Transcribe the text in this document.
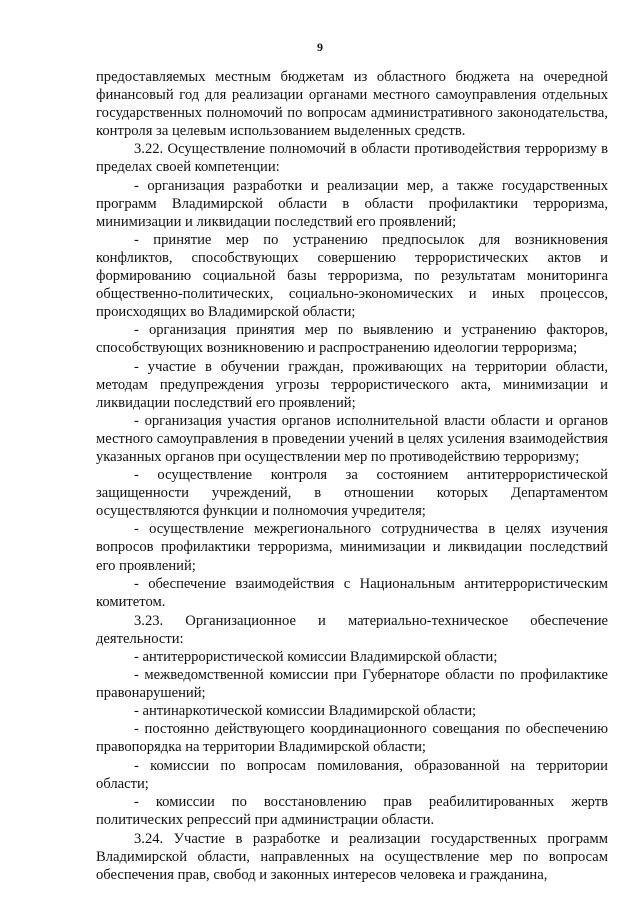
9

предоставляемых местным бюджетам из областного бюджета на очередной финансовый год для реализации органами местного самоуправления отдельных государственных полномочий по вопросам административного законодательства, контроля за целевым использованием выделенных средств.

3.22. Осуществление полномочий в области противодействия терроризму в пределах своей компетенции:

- организация разработки и реализации мер, а также государственных программ Владимирской области в области профилактики терроризма, минимизации и ликвидации последствий его проявлений;

- принятие мер по устранению предпосылок для возникновения конфликтов, способствующих совершению террористических актов и формированию социальной базы терроризма, по результатам мониторинга общественно-политических, социально-экономических и иных процессов, происходящих во Владимирской области;

- организация принятия мер по выявлению и устранению факторов, способствующих возникновению и распространению идеологии терроризма;

- участие в обучении граждан, проживающих на территории области, методам предупреждения угрозы террористического акта, минимизации и ликвидации последствий его проявлений;

- организация участия органов исполнительной власти области и органов местного самоуправления в проведении учений в целях усиления взаимодействия указанных органов при осуществлении мер по противодействию терроризму;

- осуществление контроля за состоянием антитеррористической защищенности учреждений, в отношении которых Департаментом осуществляются функции и полномочия учредителя;

- осуществление межрегионального сотрудничества в целях изучения вопросов профилактики терроризма, минимизации и ликвидации последствий его проявлений;

- обеспечение взаимодействия с Национальным антитеррористическим комитетом.

3.23. Организационное и материально-техническое обеспечение деятельности:

- антитеррористической комиссии Владимирской области;

- межведомственной комиссии при Губернаторе области по профилактике правонарушений;

- антинаркотической комиссии Владимирской области;

- постоянно действующего координационного совещания по обеспечению правопорядка на территории Владимирской области;

- комиссии по вопросам помилования, образованной на территории области;

- комиссии по восстановлению прав реабилитированных жертв политических репрессий при администрации области.

3.24. Участие в разработке и реализации государственных программ Владимирской области, направленных на осуществление мер по вопросам обеспечения прав, свобод и законных интересов человека и гражданина,
